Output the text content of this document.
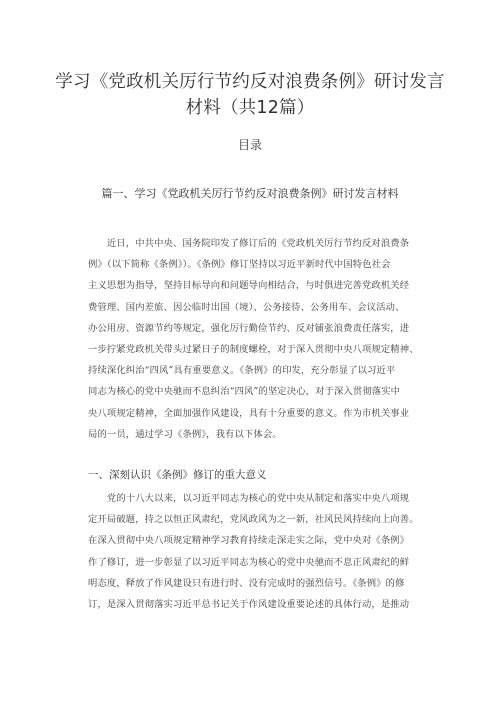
学习《党政机关厉行节约反对浪费条例》研讨发言
材料（共12篇）
目录
篇一、学习《党政机关厉行节约反对浪费条例》研讨发言材料
　　近日，中共中央、国务院印发了修订后的《党政机关厉行节约反对浪费条
例》（以下简称《条例》）。《条例》修订坚持以习近平新时代中国特色社会
主义思想为指导，坚持目标导向和问题导向相结合，与时俱进完善党政机关经
费管理、国内差旅、因公临时出国（境）、公务接待、公务用车、会议活动、
办公用房、资源节约等规定，强化厉行勤俭节约、反对铺张浪费责任落实，进
一步拧紧党政机关带头过紧日子的制度螺栓，对于深入贯彻中央八项规定精神、
持续深化纠治“四风”具有重要意义。《条例》的印发，充分彰显了以习近平
同志为核心的党中央驰而不息纠治“四风”的坚定决心，对于深入贯彻落实中
央八项规定精神，全面加强作风建设，具有十分重要的意义。作为市机关事业
局的一员，通过学习《条例》，我有以下体会。
一、深刻认识《条例》修订的重大意义
　　党的十八大以来，以习近平同志为核心的党中央从制定和落实中央八项规
定开局破题，持之以恒正风肃纪，党风政风为之一新，社风民风持续向上向善。
在深入贯彻中央八项规定精神学习教育持续走深走实之际，党中央对《条例》
作了修订，进一步彰显了以习近平同志为核心的党中央驰而不息正风肃纪的鲜
明态度，释放了作风建设只有进行时、没有完成时的强烈信号。《条例》的修
订，是深入贯彻落实习近平总书记关于作风建设重要论述的具体行动，是推动
